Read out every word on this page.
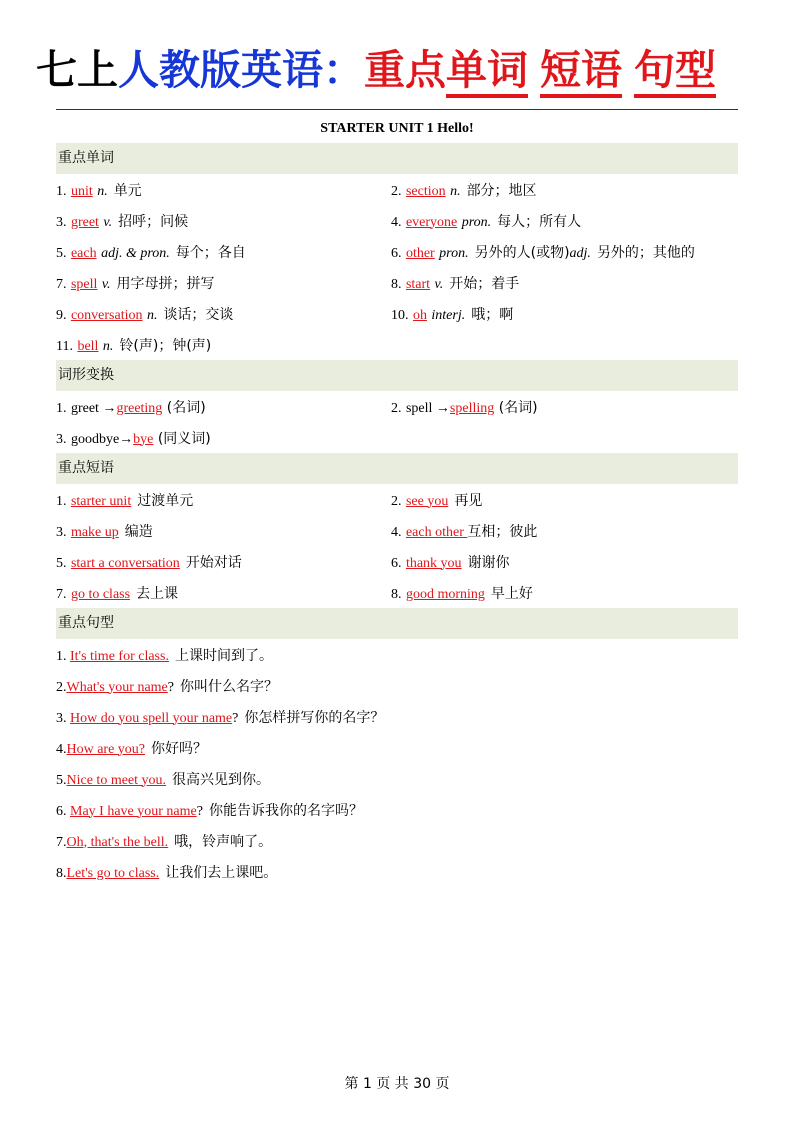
七上人教版英语：重点单词 短语 句型
STARTER UNIT 1 Hello!
重点单词
1. unit n. 单元	2. section n. 部分；地区
3. greet v. 招呼；问候	4. everyone pron. 每人；所有人
5. each adj. & pron. 每个；各自	6. other pron. 另外的人(或物)adj. 另外的；其他的
7. spell v. 用字母拼；拼写	8. start v. 开始；着手
9. conversation n. 谈话；交谈	10. oh interj. 哦；啊
11. bell n. 铃(声)；钟(声)
词形变换
1. greet →greeting (名词)	2. spell →spelling (名词)
3. goodbye→bye (同义词)
重点短语
1. starter unit 过渡单元	2. see you 再见
3. make up 编造	4. each other 互相；彼此
5. start a conversation 开始对话	6. thank you 谢谢你
7. go to class 去上课	8. good morning 早上好
重点句型
1. It's time for class. 上课时间到了。
2.What's your name? 你叫什么名字？
3. How do you spell your name? 你怎样拼写你的名字？
4.How are you? 你好吗？
5.Nice to meet you. 很高兴见到你。
6. May I have your name? 你能告诉我你的名字吗？
7.Oh, that's the bell. 哦，铃声响了。
8.Let's go to class. 让我们去上课吧。
第 1 页 共 30 页
